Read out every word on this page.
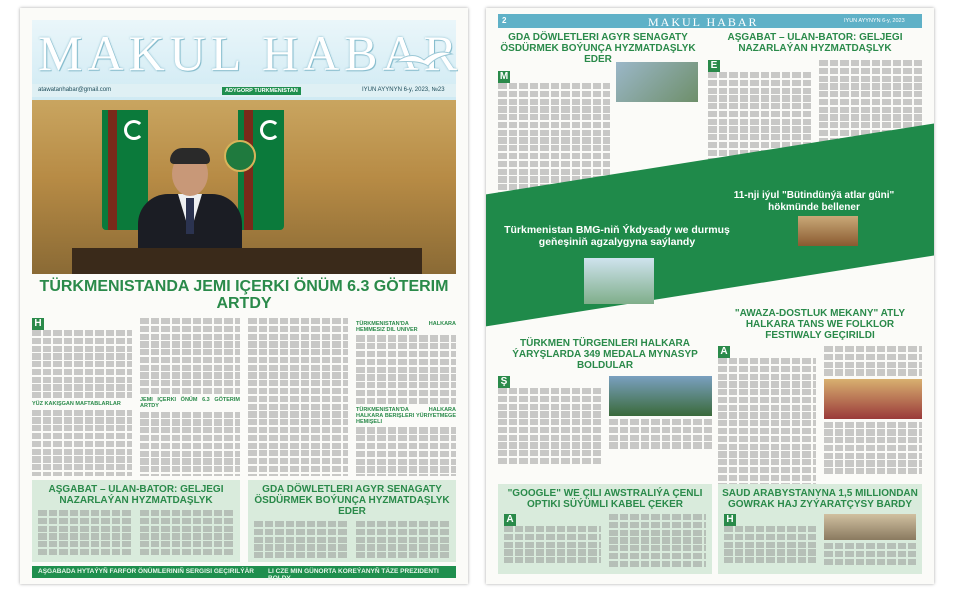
MAKUL HABAR
atawatanhabar@gmail.com	ADYGORP TURKMENISTAN	IYUN AYYNYN 6-y, 2023, №23
TÜRKMENISTANDA JEMI IÇERKI ÖNÜM 6.3 GÖTERIM ARTDY
H
YÜZ KAKIŞGAN MAFTABLARLAR
JEMI IÇERKI ÖNÜM 6.3 GÖTERIM ARTDY
TÜRKMENISTAN'DA HALKARA HEMMESIZ DIL UNIVER
TÜRKMENISTAN'DA HALKARA HALKARA BERIŞLERI YÜRIYETMEGE HEMIŞELI
AŞGABAT – ULAN-BATOR: GELJEGI NAZARLAÝAN HYZMATDAŞLYK
GDA DÖWLETLERI AGYR SENAGATY ÖSDÜRMEK BOÝUNÇA HYZMATDAŞLYK EDER
AŞGABADA HYTAÝYŇ FARFOR ÖNÜMLERINIŇ SERGISI GEÇIRILÝÄR LI CZE MIN GÜNORTA KOREÝANYŇ TÄZE PREZIDENTI BOLDY
2	MAKUL HABAR	IYUN AYYNYN 6-y, 2023
GDA DÖWLETLERI AGYR SENAGATY ÖSDÜRMEK BOÝUNÇA HYZMATDAŞLYK EDER
M
AŞGABAT – ULAN-BATOR: GELJEGI NAZARLAÝAN HYZMATDAŞLYK
E
Türkmenistan BMG-niň Ýkdysady we durmuş geňeşiniň agzalygyna saýlandy
11-nji iýul "Bütindünýä atlar güni" hökmünde bellener
TÜRKMEN TÜRGENLERI HALKARA ÝARYŞLARDA 349 MEDALA MYNASYP BOLDULAR
Ş
"AWAZA-DOSTLUK MEKANY" ATLY HALKARA TANS WE FOLKLOR FESTIWALY GEÇIRILDI
A
"GOOGLE" WE ÇILI AWSTRALIÝA ÇENLI OPTIKI SÜÝÜMLI KABEL ÇEKER
A
SAUD ARABYSTANYNA 1,5 MILLIONDAN GOWRAK HAJ ZYÝARATÇYSY BARDY
H
